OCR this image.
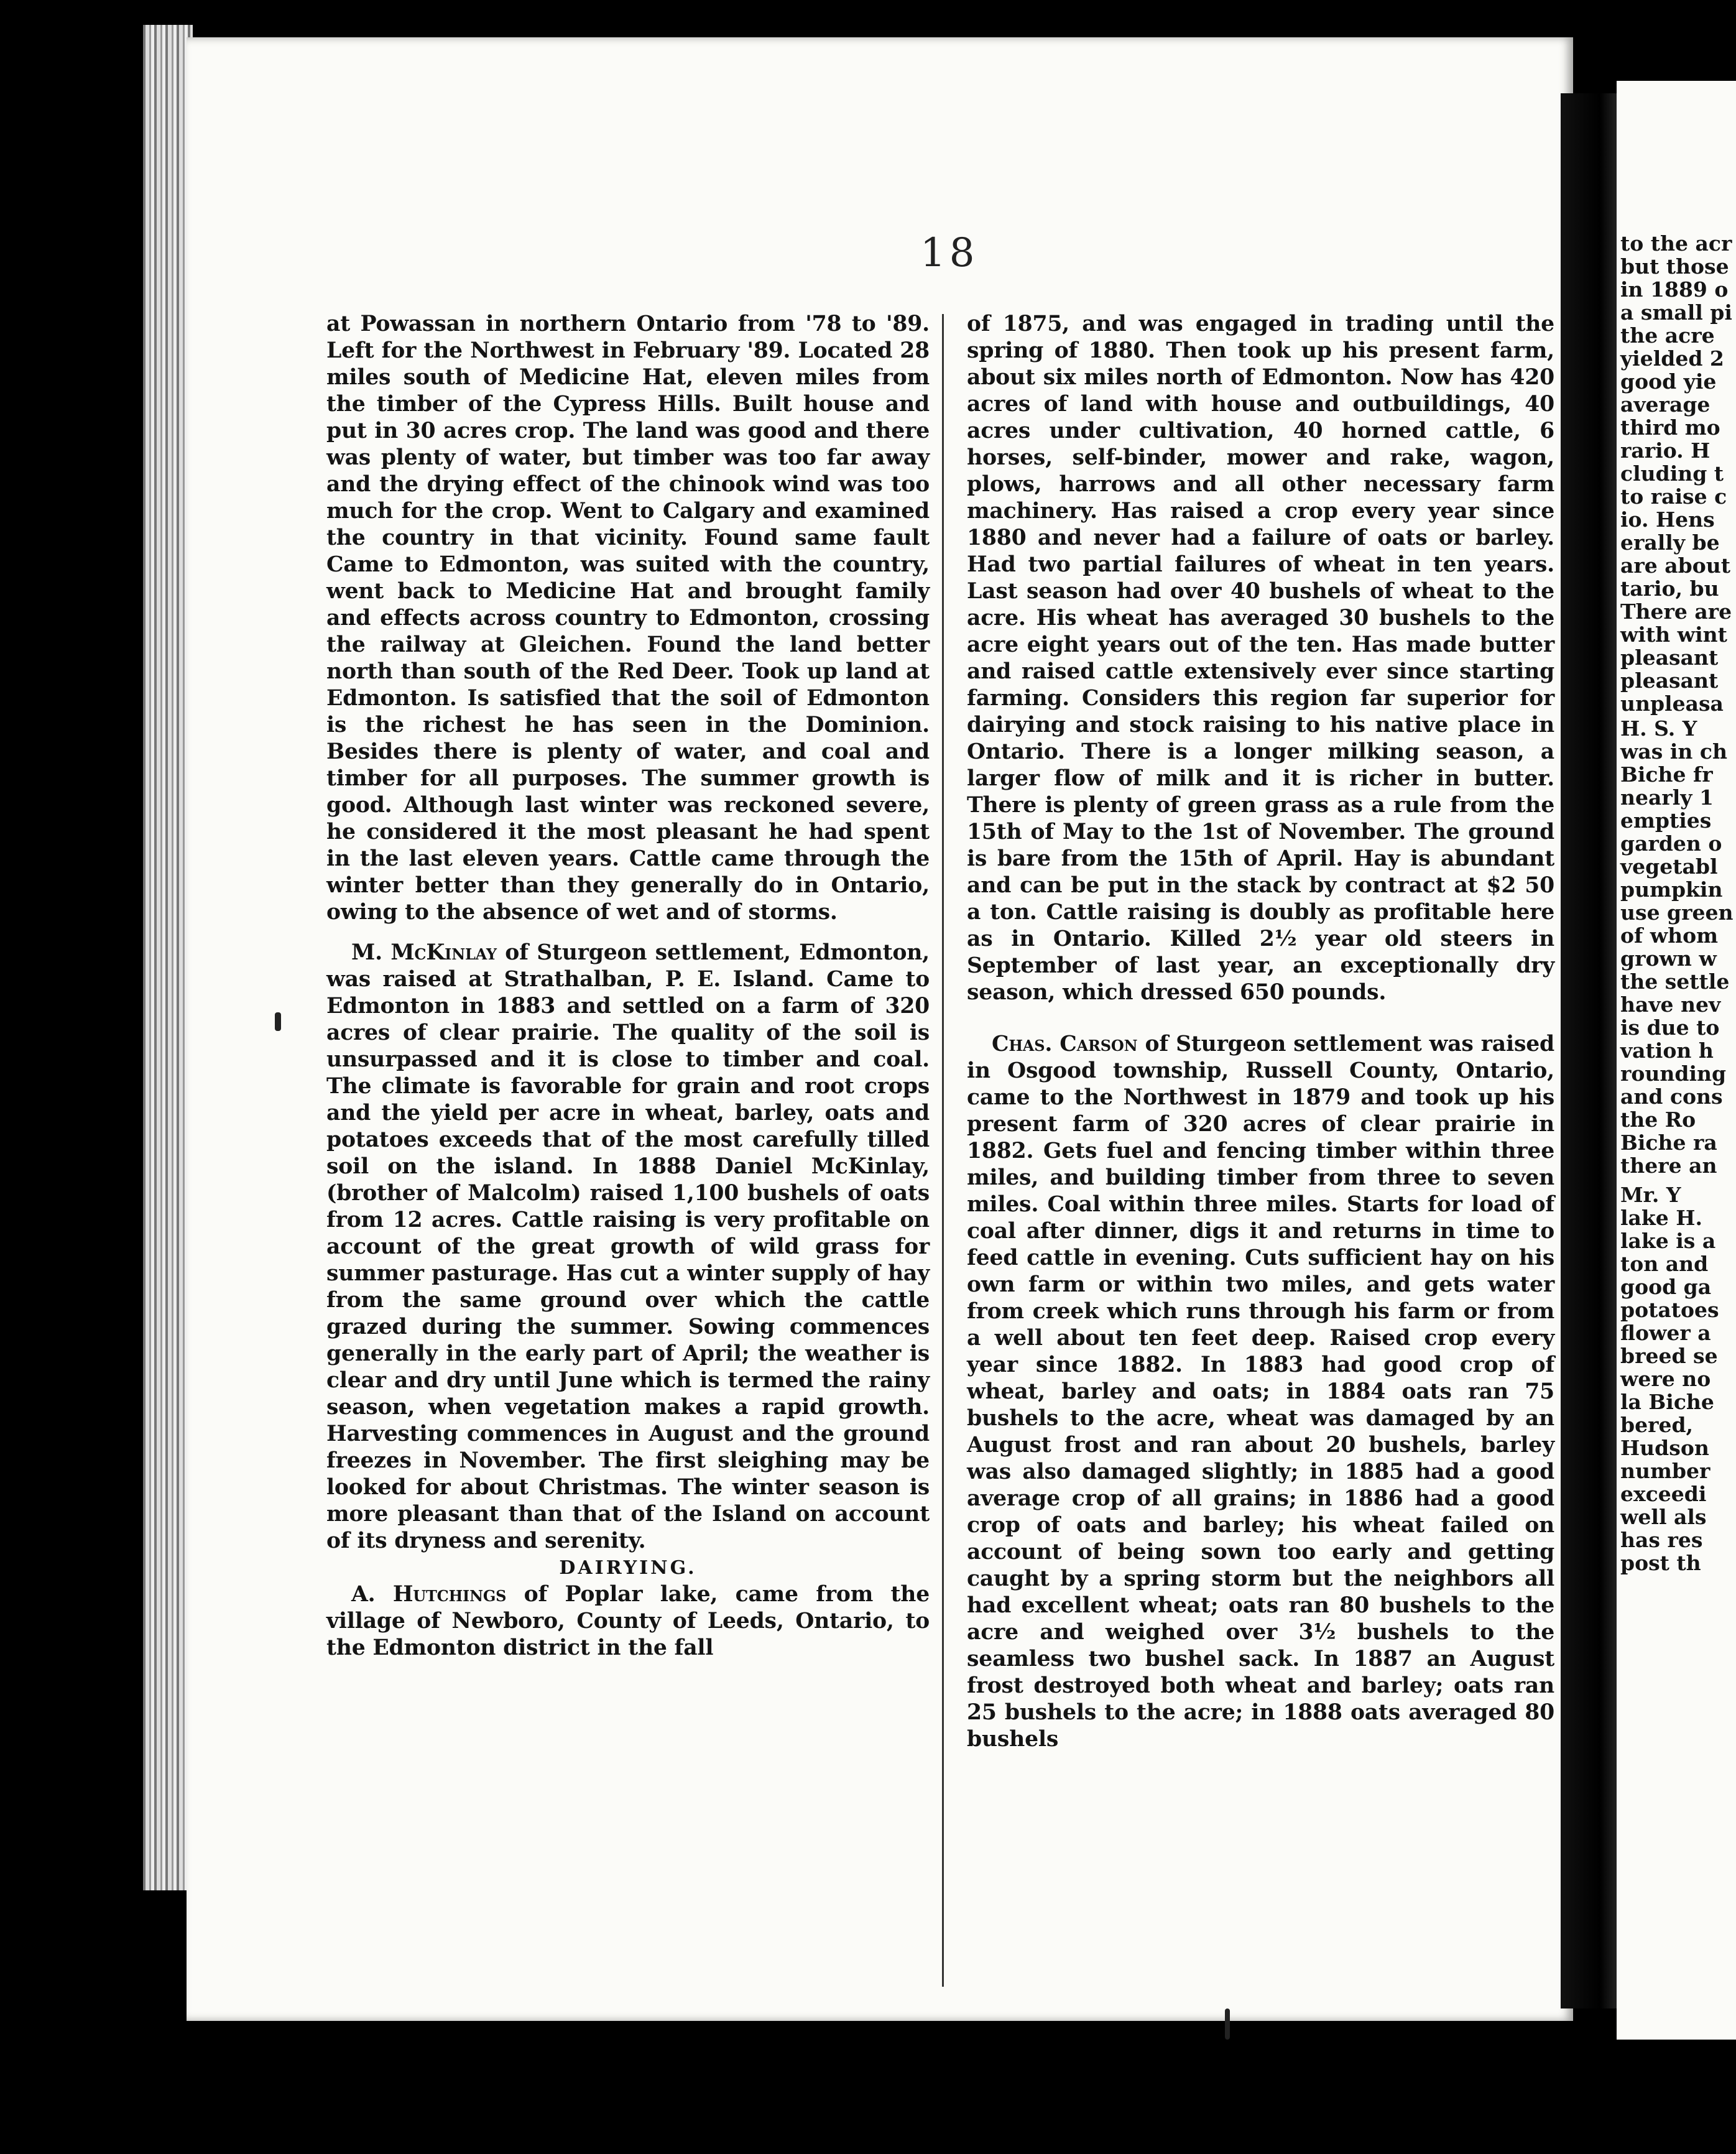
18

at Powassan in northern Ontario from '78 to '89. Left for the Northwest in February '89. Located 28 miles south of Medicine Hat, eleven miles from the timber of the Cypress Hills. Built house and put in 30 acres crop. The land was good and there was plenty of water, but timber was too far away and the drying effect of the chinook wind was too much for the crop. Went to Calgary and examined the country in that vicinity. Found same fault Came to Edmonton, was suited with the country, went back to Medicine Hat and brought family and effects across country to Edmonton, crossing the railway at Gleichen. Found the land better north than south of the Red Deer. Took up land at Edmonton. Is satisfied that the soil of Edmonton is the richest he has seen in the Dominion. Besides there is plenty of water, and coal and timber for all purposes. The summer growth is good. Although last winter was reckoned severe, he considered it the most pleasant he had spent in the last eleven years. Cattle came through the winter better than they generally do in Ontario, owing to the absence of wet and of storms.

M. McKinlay of Sturgeon settlement, Edmonton, was raised at Strathalban, P. E. Island. Came to Edmonton in 1883 and settled on a farm of 320 acres of clear prairie. The quality of the soil is unsurpassed and it is close to timber and coal. The climate is favorable for grain and root crops and the yield per acre in wheat, barley, oats and potatoes exceeds that of the most carefully tilled soil on the island. In 1888 Daniel McKinlay, (brother of Malcolm) raised 1,100 bushels of oats from 12 acres. Cattle raising is very profitable on account of the great growth of wild grass for summer pasturage. Has cut a winter supply of hay from the same ground over which the cattle grazed during the summer. Sowing commences generally in the early part of April; the weather is clear and dry until June which is termed the rainy season, when vegetation makes a rapid growth. Harvesting commences in August and the ground freezes in November. The first sleighing may be looked for about Christmas. The winter season is more pleasant than that of the Island on account of its dryness and serenity.

DAIRYING.

A. Hutchings of Poplar lake, came from the village of Newboro, County of Leeds, Ontario, to the Edmonton district in the fall

of 1875, and was engaged in trading until the spring of 1880. Then took up his present farm, about six miles north of Edmonton. Now has 420 acres of land with house and outbuildings, 40 acres under cultivation, 40 horned cattle, 6 horses, self-binder, mower and rake, wagon, plows, harrows and all other necessary farm machinery. Has raised a crop every year since 1880 and never had a failure of oats or barley. Had two partial failures of wheat in ten years. Last season had over 40 bushels of wheat to the acre. His wheat has averaged 30 bushels to the acre eight years out of the ten. Has made butter and raised cattle extensively ever since starting farming. Considers this region far superior for dairying and stock raising to his native place in Ontario. There is a longer milking season, a larger flow of milk and it is richer in butter. There is plenty of green grass as a rule from the 15th of May to the 1st of November. The ground is bare from the 15th of April. Hay is abundant and can be put in the stack by contract at $2 50 a ton. Cattle raising is doubly as profitable here as in Ontario. Killed 2½ year old steers in September of last year, an exceptionally dry season, which dressed 650 pounds.

Chas. Carson of Sturgeon settlement was raised in Osgood township, Russell County, Ontario, came to the Northwest in 1879 and took up his present farm of 320 acres of clear prairie in 1882. Gets fuel and fencing timber within three miles, and building timber from three to seven miles. Coal within three miles. Starts for load of coal after dinner, digs it and returns in time to feed cattle in evening. Cuts sufficient hay on his own farm or within two miles, and gets water from creek which runs through his farm or from a well about ten feet deep. Raised crop every year since 1882. In 1883 had good crop of wheat, barley and oats; in 1884 oats ran 75 bushels to the acre, wheat was damaged by an August frost and ran about 20 bushels, barley was also damaged slightly; in 1885 had a good average crop of all grains; in 1886 had a good crop of oats and barley; his wheat failed on account of being sown too early and getting caught by a spring storm but the neighbors all had excellent wheat; oats ran 80 bushels to the acre and weighed over 3½ bushels to the seamless two bushel sack. In 1887 an August frost destroyed both wheat and barley; oats ran 25 bushels to the acre; in 1888 oats averaged 80 bushels

to the acr
but those
in 1889 o
a small pi
the acre
yielded 2
good yie
average
third mo
rario. H
cluding t
to raise c
io. Hens
erally be
are about
tario, bu
There are
with wint
pleasant
pleasant
unpleasa
H. S. Y
was in ch
Biche fr
nearly 1
empties
garden o
vegetabl
pumpkin
use green
of whom
grown w
the settle
have nev
is due to
vation h
rounding
and cons
the Ro
Biche ra
there an
Mr. Y
lake H.
lake is a
ton and
good ga
potatoes
flower a
breed se
were no
la Biche
bered,
Hudson
number
exceedi
well als
has res
post th
